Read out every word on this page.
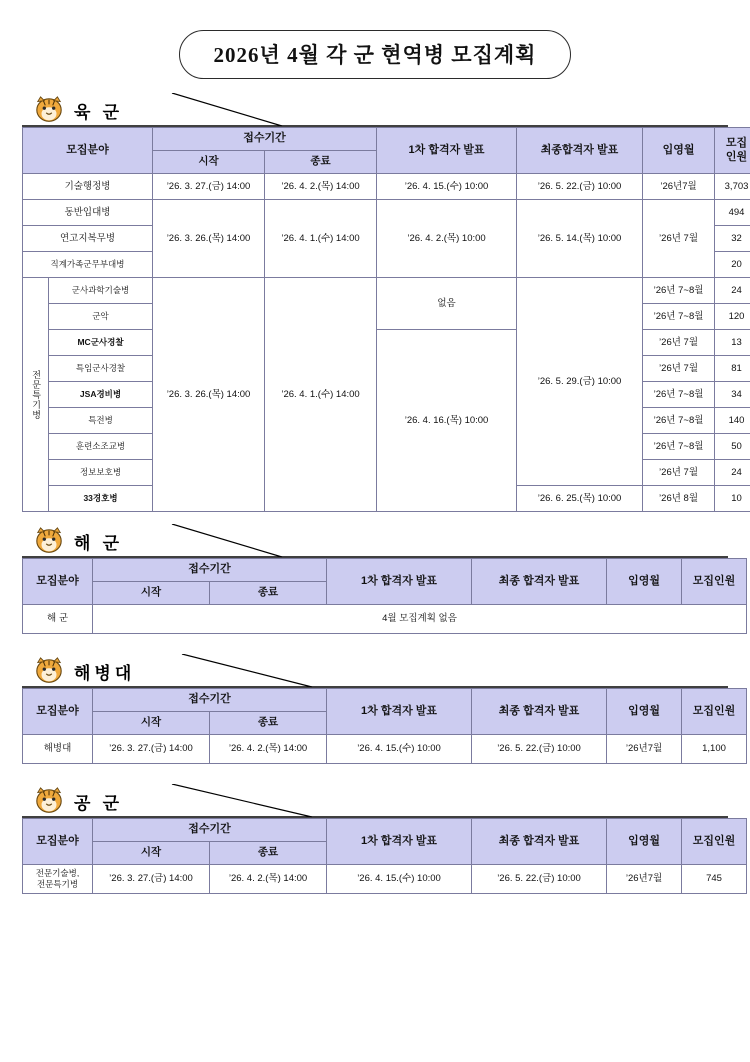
2026년 4월 각 군 현역병 모집계획
육 군
모집분야		접수기간		1차 합격자 발표	최종합격자 발표	입영월	모집
인원

		시작	종료				
기술행정병		’26. 3. 27.(금) 14:00	’26. 4. 2.(목) 14:00	’26. 4. 15.(수) 10:00	’26. 5. 22.(금) 10:00	’26년7월	3,703
동반입대병		’26. 3. 26.(목) 14:00	’26. 4. 1.(수) 14:00	’26. 4. 2.(목) 10:00	’26. 5. 14.(목) 10:00	’26년 7월	494
연고지복무병							32
직계가족군무부대병							20
전문특기병	군사과학기술병	’26. 3. 26.(목) 14:00	’26. 4. 1.(수) 14:00	없음	’26. 5. 29.(금) 10:00	’26년 7~8월	24
	군악					’26년 7~8월	120
	MC군사경찰			’26. 4. 16.(목) 10:00		’26년 7월	13
	특임군사경찰					’26년 7월	81
	JSA경비병					’26년 7~8월	34
	특전병					’26년 7~8월	140
	훈련소조교병					’26년 7~8월	50
	정보보호병					’26년 7월	24
	33경호병				’26. 6. 25.(목) 10:00	’26년 8월	10
해 군
모집분야	접수기간		1차 합격자 발표	최종 합격자 발표	입영월	모집인원
	시작	종료				
해 군	4월 모집계획 없음					
해병대
모집분야	접수기간		1차 합격자 발표	최종 합격자 발표	입영월	모집인원
	시작	종료				
해병대	’26. 3. 27.(금) 14:00	’26. 4. 2.(목) 14:00	’26. 4. 15.(수) 10:00	’26. 5. 22.(금) 10:00	’26년7월	1,100
공 군
모집분야	접수기간		1차 합격자 발표	최종 합격자 발표	입영월	모집인원
	시작	종료				

전문기술병,
전문특기병	’26. 3. 27.(금) 14:00	’26. 4. 2.(목) 14:00	’26. 4. 15.(수) 10:00	’26. 5. 22.(금) 10:00	’26년7월	745
